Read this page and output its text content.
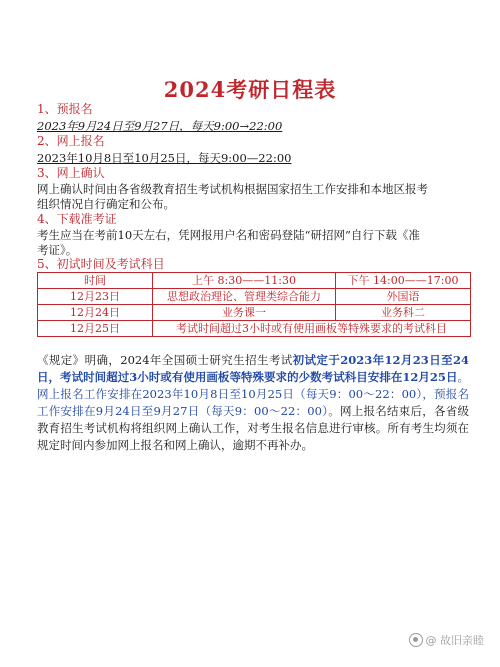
2024考研日程表
1、预报名
2023年9月24日至9月27日，每天9:00→22:00
2、网上报名
2023年10月8日至10月25日，每天9:00—22:00
3、网上确认
网上确认时间由各省级教育招生考试机构根据国家招生工作安排和本地区报考
组织情况自行确定和公布。
4、下载准考证
考生应当在考前10天左右，凭网报用户名和密码登陆“研招网”自行下载《准
考证》。
5、初试时间及考试科目
时间	上午 8:30——11:30	下午 14:00——17:00
12月23日	思想政治理论、管理类综合能力	外国语
12月24日	业务课一	业务科二
12月25日	考试时间超过3小时或有使用画板等特殊要求的考试科目	
《规定》明确，2024年全国硕士研究生招生考试初试定于2023年12月23日至24日，考试时间超过3小时或有使用画板等特殊要求的少数考试科目安排在12月25日。网上报名工作安排在2023年10月8日至10月25日（每天9：00～22：00），预报名工作安排在9月24日至9月27日（每天9：00～22：00）。网上报名结束后，各省级教育招生考试机构将组织网上确认工作，对考生报名信息进行审核。所有考生均须在规定时间内参加网上报名和网上确认，逾期不再补办。
@ 故旧亲睦
